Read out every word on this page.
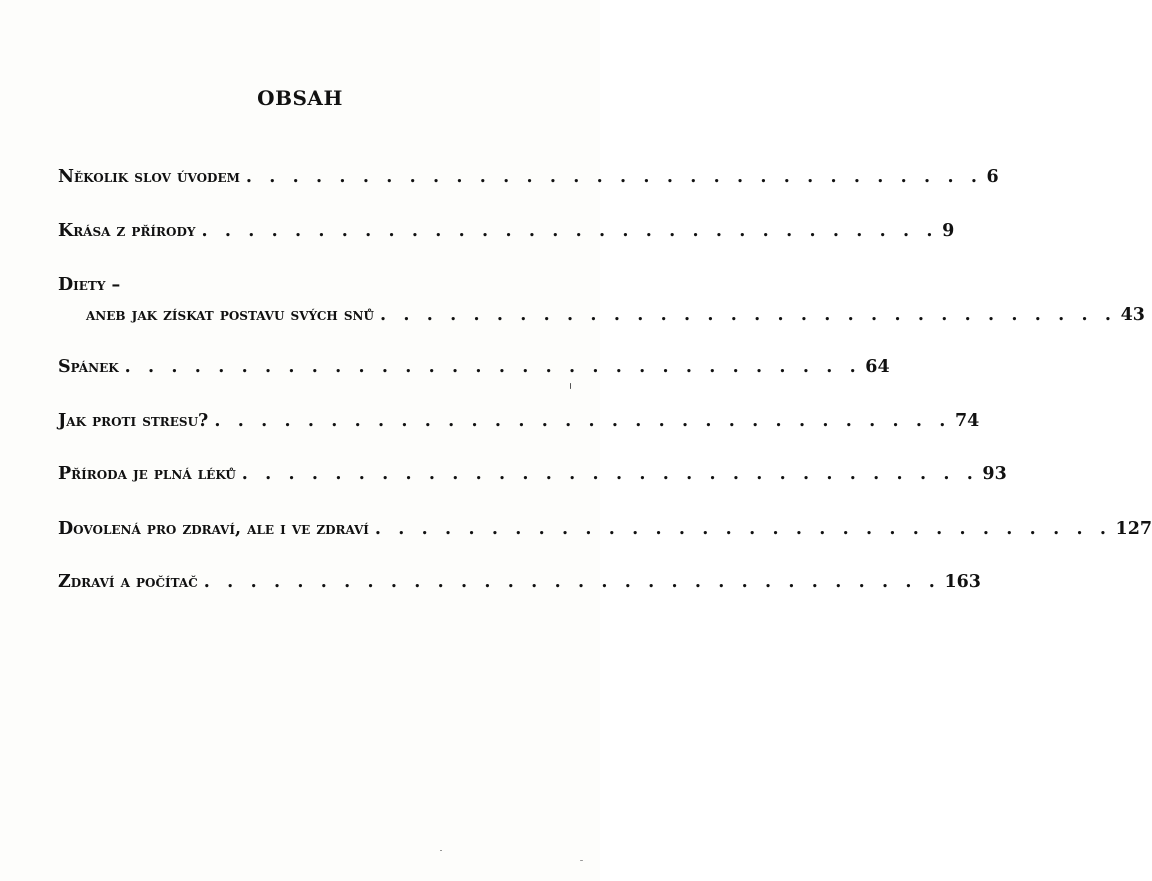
OBSAH
Několik slov úvodem . . . . . . . . . . . . . . . . . . . . . . . . . . . . . . . . 6
Krása z přírody . . . . . . . . . . . . . . . . . . . . . . . . . . . . . . . . 9
Diety –
aneb jak získat postavu svých snů . . . . . . . . . . . . . . . . . . . . . . . . . . . . . . . . 43
Spánek . . . . . . . . . . . . . . . . . . . . . . . . . . . . . . . . 64
Jak proti stresu? . . . . . . . . . . . . . . . . . . . . . . . . . . . . . . . . 74
Příroda je plná léků . . . . . . . . . . . . . . . . . . . . . . . . . . . . . . . . 93
Dovolená pro zdraví, ale i ve zdraví . . . . . . . . . . . . . . . . . . . . . . . . . . . . . . . . 127
Zdraví a počítač . . . . . . . . . . . . . . . . . . . . . . . . . . . . . . . . 163
